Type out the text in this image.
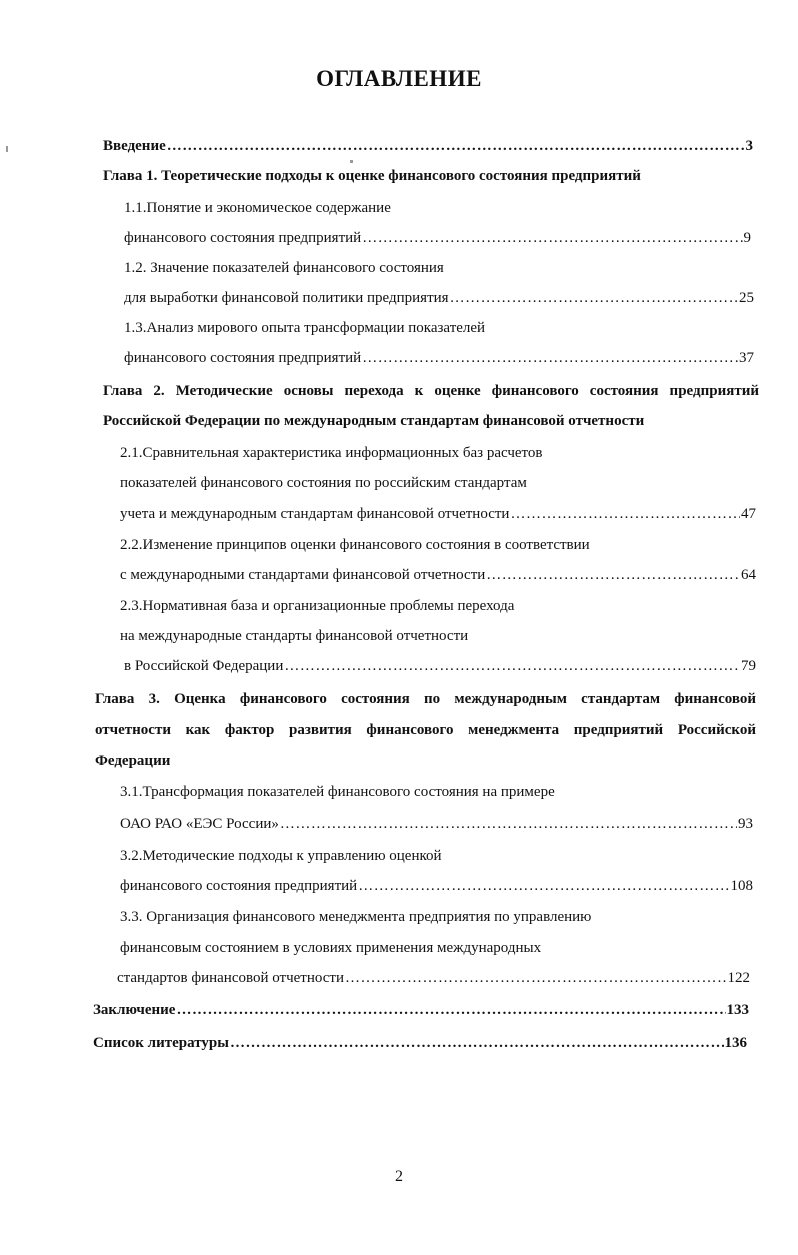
ОГЛАВЛЕНИЕ
Введение ………………………………………………………………………………………………………………………………………………………………………………………………	3
Глава 1. Теоретические подходы к оценке финансового состояния предприятий
1.1.Понятие и экономическое содержание
финансового состояния предприятий ………………………………………………………………………………………………………………………………………………………………………………………………	9
1.2. Значение показателей финансового состояния
для выработки финансовой политики предприятия ………………………………………………………………………………………………………………………………………………………………………………………………	25
1.3.Анализ мирового опыта трансформации показателей
финансового состояния предприятий ………………………………………………………………………………………………………………………………………………………………………………………………	37
Глава 2. Методические основы перехода к оценке финансового состояния предприятий
Российской Федерации по международным стандартам финансовой отчетности
2.1.Сравнительная характеристика информационных баз расчетов
показателей финансового состояния по российским стандартам
учета и международным стандартам финансовой отчетности ………………………………………………………………………………………………………………………………………………………………………………………………	47
2.2.Изменение принципов оценки финансового состояния в соответствии
с международными стандартами финансовой отчетности ………………………………………………………………………………………………………………………………………………………………………………………………	64
2.3.Нормативная база и организационные проблемы перехода
на международные стандарты финансовой отчетности
в Российской Федерации ………………………………………………………………………………………………………………………………………………………………………………………………	79
Глава 3. Оценка финансового состояния по международным стандартам финансовой
отчетности как фактор развития финансового менеджмента предприятий Российской
Федерации
3.1.Трансформация показателей финансового состояния на примере
ОАО РАО «ЕЭС России» ………………………………………………………………………………………………………………………………………………………………………………………………	93
3.2.Методические подходы к управлению оценкой
финансового состояния предприятий ………………………………………………………………………………………………………………………………………………………………………………………………	108
3.3. Организация финансового менеджмента предприятия по управлению
финансовым состоянием в условиях применения международных
стандартов финансовой отчетности ………………………………………………………………………………………………………………………………………………………………………………………………	122
Заключение ………………………………………………………………………………………………………………………………………………………………………………………………	133
Список литературы ………………………………………………………………………………………………………………………………………………………………………………………………	136
2
